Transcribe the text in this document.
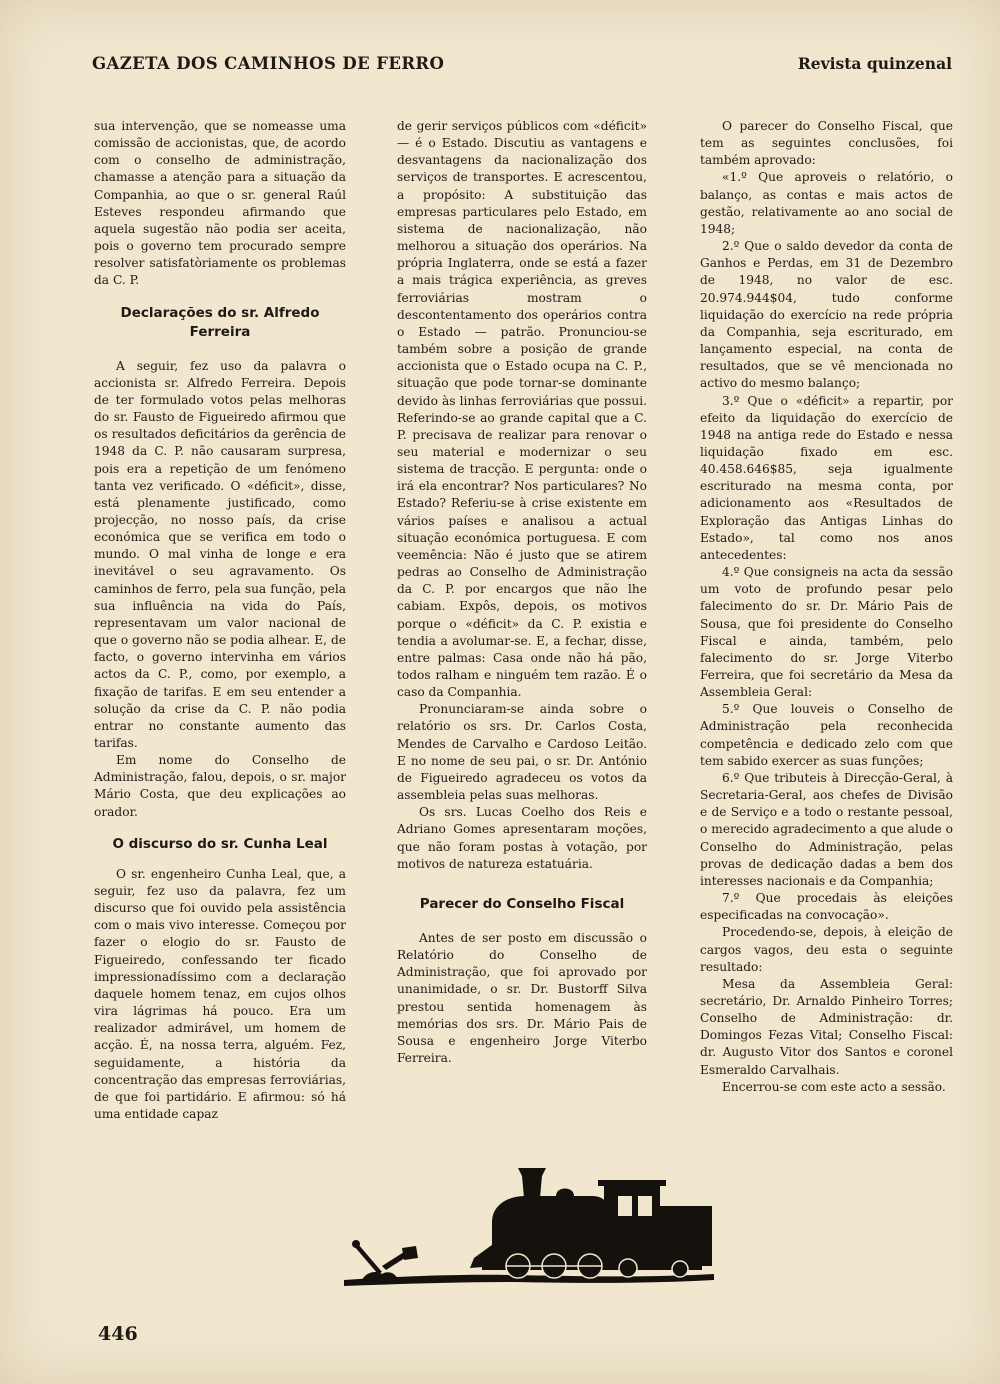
GAZETA DOS CAMINHOS DE FERRO	Revista quinzenal

sua intervenção, que se nomeasse uma comissão de accionistas, que, de acordo com o conselho de administração, chamasse a atenção para a situação da Companhia, ao que o sr. general Raúl Esteves respondeu afirmando que aquela sugestão não podia ser aceita, pois o governo tem procurado sempre resolver satisfatòriamente os problemas da C. P.

Declarações do sr. Alfredo Ferreira

A seguir, fez uso da palavra o accionista sr. Alfredo Ferreira. Depois de ter formulado votos pelas melhoras do sr. Fausto de Figueiredo afirmou que os resultados deficitários da gerência de 1948 da C. P. não causaram surpresa, pois era a repetição de um fenómeno tanta vez verificado. O «déficit», disse, está plenamente justificado, como projecção, no nosso país, da crise económica que se verifica em todo o mundo. O mal vinha de longe e era inevitável o seu agravamento. Os caminhos de ferro, pela sua função, pela sua influência na vida do País, representavam um valor nacional de que o governo não se podia alhear. E, de facto, o governo intervinha em vários actos da C. P., como, por exemplo, a fixação de tarifas. E em seu entender a solução da crise da C. P. não podia entrar no constante aumento das tarifas.

Em nome do Conselho de Administração, falou, depois, o sr. major Mário Costa, que deu explicações ao orador.

O discurso do sr. Cunha Leal

O sr. engenheiro Cunha Leal, que, a seguir, fez uso da palavra, fez um discurso que foi ouvido pela assistência com o mais vivo interesse. Começou por fazer o elogio do sr. Fausto de Figueiredo, confessando ter ficado impressionadíssimo com a declaração daquele homem tenaz, em cujos olhos vira lágrimas há pouco. Era um realizador admirável, um homem de acção. É, na nossa terra, alguém. Fez, seguidamente, a história da concentração das empresas ferroviárias, de que foi partidário. E afirmou: só há uma entidade capaz

de gerir serviços públicos com «déficit» — é o Estado. Discutiu as vantagens e desvantagens da nacionalização dos serviços de transportes. E acrescentou, a propósito: A substituição das empresas particulares pelo Estado, em sistema de nacionalização, não melhorou a situação dos operários. Na própria Inglaterra, onde se está a fazer a mais trágica experiência, as greves ferroviárias mostram o descontentamento dos operários contra o Estado — patrão. Pronunciou-se também sobre a posição de grande accionista que o Estado ocupa na C. P., situação que pode tornar-se dominante devido às linhas ferroviárias que possui. Referindo-se ao grande capital que a C. P. precisava de realizar para renovar o seu material e modernizar o seu sistema de tracção. E pergunta: onde o irá ela encontrar? Nos particulares? No Estado? Referiu-se à crise existente em vários países e analisou a actual situação económica portuguesa. E com veemência: Não é justo que se atirem pedras ao Conselho de Administração da C. P. por encargos que não lhe cabiam. Expôs, depois, os motivos porque o «déficit» da C. P. existia e tendia a avolumar-se. E, a fechar, disse, entre palmas: Casa onde não há pão, todos ralham e ninguém tem razão. É o caso da Companhia.

Pronunciaram-se ainda sobre o relatório os srs. Dr. Carlos Costa, Mendes de Carvalho e Cardoso Leitão. E no nome de seu pai, o sr. Dr. António de Figueiredo agradeceu os votos da assembleia pelas suas melhoras.

Os srs. Lucas Coelho dos Reis e Adriano Gomes apresentaram moções, que não foram postas à votação, por motivos de natureza estatuária.

Parecer do Conselho Fiscal

Antes de ser posto em discussão o Relatório do Conselho de Administração, que foi aprovado por unanimidade, o sr. Dr. Bustorff Silva prestou sentida homenagem às memórias dos srs. Dr. Mário Pais de Sousa e engenheiro Jorge Viterbo Ferreira.

O parecer do Conselho Fiscal, que tem as seguintes conclusões, foi também aprovado:

«1.º Que aproveis o relatório, o balanço, as contas e mais actos de gestão, relativamente ao ano social de 1948;

2.º Que o saldo devedor da conta de Ganhos e Perdas, em 31 de Dezembro de 1948, no valor de esc. 20.974.944$04, tudo conforme liquidação do exercício na rede própria da Companhia, seja escriturado, em lançamento especial, na conta de resultados, que se vê mencionada no activo do mesmo balanço;

3.º Que o «déficit» a repartir, por efeito da liquidação do exercício de 1948 na antiga rede do Estado e nessa liquidação fixado em esc. 40.458.646$85, seja igualmente escriturado na mesma conta, por adicionamento aos «Resultados de Exploração das Antigas Linhas do Estado», tal como nos anos antecedentes:

4.º Que consigneis na acta da sessão um voto de profundo pesar pelo falecimento do sr. Dr. Mário Pais de Sousa, que foi presidente do Conselho Fiscal e ainda, também, pelo falecimento do sr. Jorge Viterbo Ferreira, que foi secretário da Mesa da Assembleia Geral:

5.º Que louveis o Conselho de Administração pela reconhecida competência e dedicado zelo com que tem sabido exercer as suas funções;

6.º Que tributeis à Direcção-Geral, à Secretaria-Geral, aos chefes de Divisão e de Serviço e a todo o restante pessoal, o merecido agradecimento a que alude o Conselho do Administração, pelas provas de dedicação dadas a bem dos interesses nacionais e da Companhia;

7.º Que procedais às eleições especificadas na convocação».

Procedendo-se, depois, à eleição de cargos vagos, deu esta o seguinte resultado:

Mesa da Assembleia Geral: secretário, Dr. Arnaldo Pinheiro Torres; Conselho de Administração: dr. Domingos Fezas Vital; Conselho Fiscal: dr. Augusto Vitor dos Santos e coronel Esmeraldo Carvalhais.

Encerrou-se com este acto a sessão.

446
